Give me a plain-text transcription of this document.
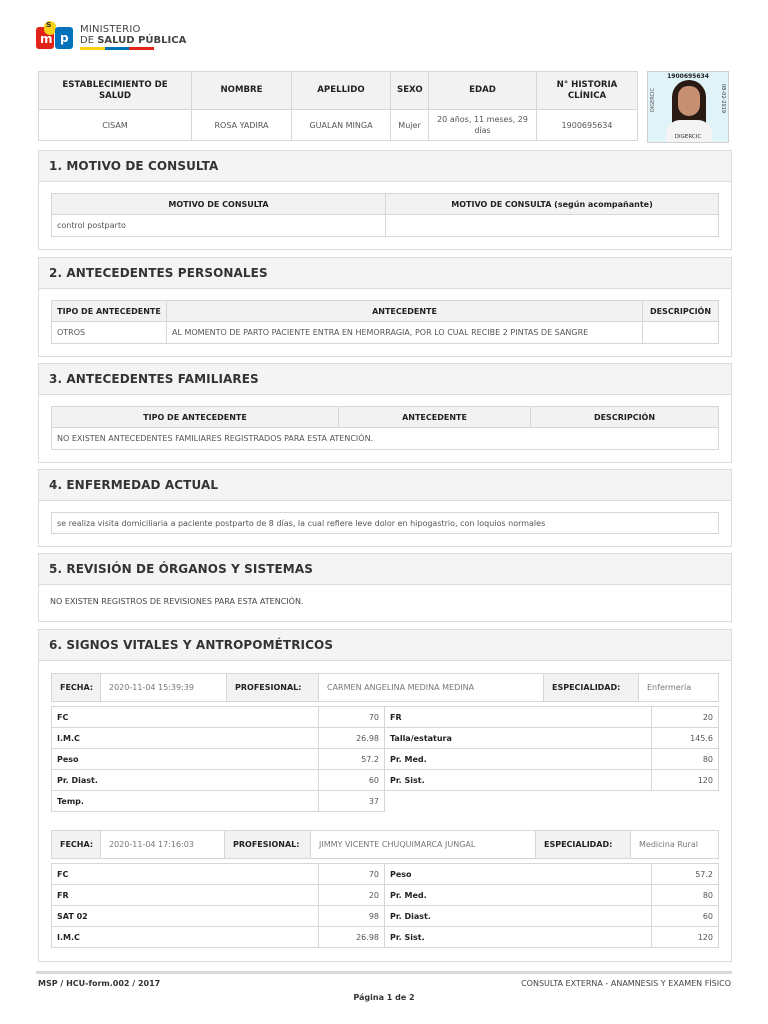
m
s
p
MINISTERIO
DE SALUD PÚBLICA
ESTABLECIMIENTO DE SALUD	NOMBRE	APELLIDO	SEXO	EDAD	N° HISTORIA CLÍNICA
CISAM	ROSA YADIRA	GUALAN MINGA	Mujer	20 años, 11 meses, 29 días	1900695634
1900695634
08-02-2019
DIGERCIC
DIGERCIC
1. MOTIVO DE CONSULTA
MOTIVO DE CONSULTA	MOTIVO DE CONSULTA (según acompañante)
control postparto	
2. ANTECEDENTES PERSONALES
TIPO DE ANTECEDENTE	ANTECEDENTE	DESCRIPCIÓN
OTROS	AL MOMENTO DE PARTO PACIENTE ENTRA EN HEMORRAGIA, POR LO CUAL RECIBE 2 PINTAS DE SANGRE	
3. ANTECEDENTES FAMILIARES
TIPO DE ANTECEDENTE	ANTECEDENTE	DESCRIPCIÓN
NO EXISTEN ANTECEDENTES FAMILIARES REGISTRADOS PARA ESTA ATENCIÓN.
4. ENFERMEDAD ACTUAL
se realiza visita domiciliaria a paciente postparto de 8 días, la cual refiere leve dolor en hipogastrio, con loquios normales
5. REVISIÓN DE ÓRGANOS Y SISTEMAS
NO EXISTEN REGISTROS DE REVISIONES PARA ESTA ATENCIÓN.
6. SIGNOS VITALES Y ANTROPOMÉTRICOS
FECHA:	2020-11-04 15:39:39	PROFESIONAL:	CARMEN ANGELINA MEDINA MEDINA	ESPECIALIDAD:	Enfermería
FC	70	FR	20
I.M.C	26.98	Talla/estatura	145.6
Peso	57.2	Pr. Med.	80
Pr. Diast.	60	Pr. Sist.	120
Temp.	37		
FECHA:	2020-11-04 17:16:03	PROFESIONAL:	JIMMY VICENTE CHUQUIMARCA JUNGAL	ESPECIALIDAD:	Medicina Rural
FC	70	Peso	57.2
FR	20	Pr. Med.	80
SAT 02	98	Pr. Diast.	60
I.M.C	26.98	Pr. Sist.	120
MSP / HCU-form.002 / 2017	CONSULTA EXTERNA - ANAMNESIS Y EXAMEN FÍSICO
Página 1 de 2
